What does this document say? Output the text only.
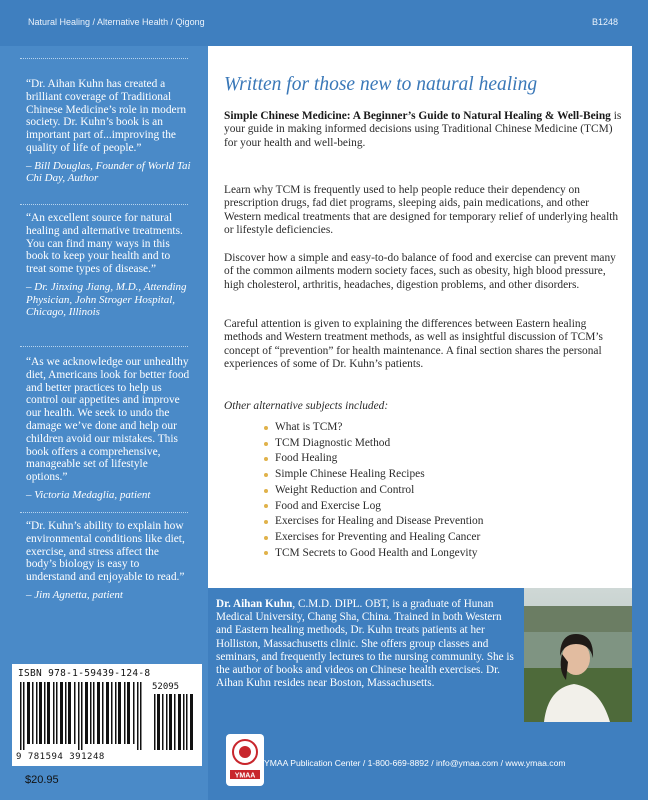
Natural Healing / Alternative Health / Qigong	B1248

“Dr. Aihan Kuhn has created a brilliant coverage of Traditional Chinese Medicine’s role in modern society. Dr. Kuhn’s book is an important part of...improving the quality of life of people.”

– Bill Douglas, Founder of World Tai Chi Day, Author

“An excellent source for natural healing and alternative treatments. You can find many ways in this book to keep your health and to treat some types of disease.”

– Dr. Jinxing Jiang, M.D., Attending Physician, John Stroger Hospital, Chicago, Illinois

“As we acknowledge our unhealthy diet, Americans look for better food and better practices to help us control our appetites and improve our health. We seek to undo the damage we’ve done and help our children avoid our mistakes. This book offers a comprehensive, manageable set of lifestyle options.”

– Victoria Medaglia, patient

“Dr. Kuhn’s ability to explain how environmental conditions like diet, exercise, and stress affect the body’s biology is easy to understand and enjoyable to read.”

– Jim Agnetta, patient
ISBN 978-1-59439-124-8
52095
9 781594 391248
$20.95
Written for those new to natural healing
Simple Chinese Medicine: A Beginner’s Guide to Natural Healing & Well-Being is your guide in making informed decisions using Traditional Chinese Medicine (TCM) for your health and well-being.
Learn why TCM is frequently used to help people reduce their dependency on prescription drugs, fad diet programs, sleeping aids, pain medications, and other Western medical treatments that are designed for temporary relief of underlying health or lifestyle deficiencies.
Discover how a simple and easy-to-do balance of food and exercise can prevent many of the common ailments modern society faces, such as obesity, high blood pressure, high cholesterol, arthritis, headaches, digestion problems, and other disorders.
Careful attention is given to explaining the differences between Eastern healing methods and Western treatment methods, as well as insightful discussion of TCM’s concept of “prevention” for health maintenance. A final section shares the personal experiences of some of Dr. Kuhn’s patients.
Other alternative subjects included:
What is TCM?
TCM Diagnostic Method
Food Healing
Simple Chinese Healing Recipes
Weight Reduction and Control
Food and Exercise Log
Exercises for Healing and Disease Prevention
Exercises for Preventing and Healing Cancer
TCM Secrets to Good Health and Longevity
Dr. Aihan Kuhn, C.M.D. DIPL. OBT, is a graduate of Hunan Medical University, Chang Sha, China. Trained in both Western and Eastern healing methods, Dr. Kuhn treats patients at her Holliston, Massachusetts clinic. She offers group classes and seminars, and frequently lectures to the nursing community. She is the author of books and videos on Chinese health exercises. Dr. Aihan Kuhn resides near Boston, Massachusetts.
YMAA
YMAA Publication Center / 1-800-669-8892 / info@ymaa.com / www.ymaa.com
